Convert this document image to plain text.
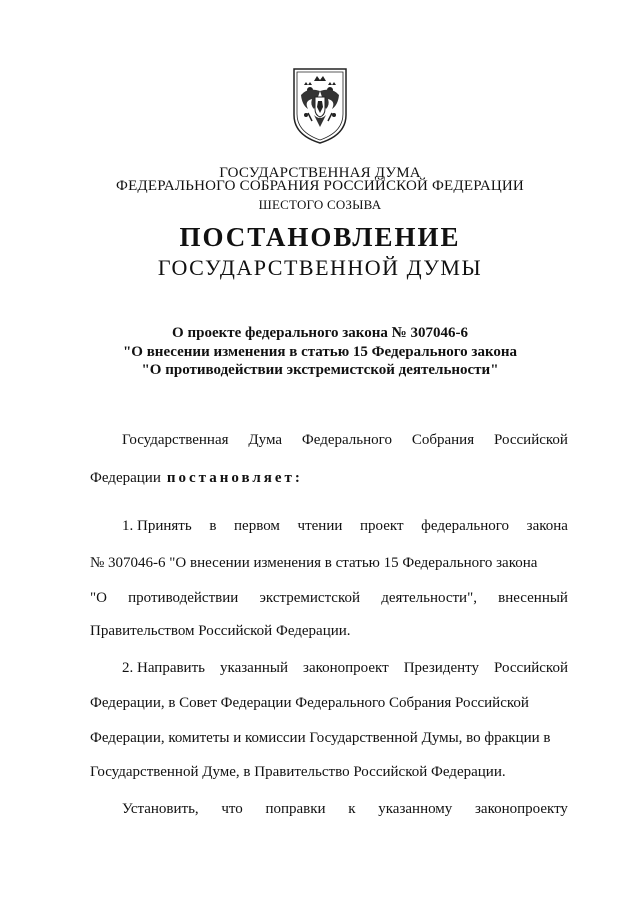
ГОСУДАРСТВЕННАЯ ДУМА
ФЕДЕРАЛЬНОГО СОБРАНИЯ РОССИЙСКОЙ ФЕДЕРАЦИИ
ШЕСТОГО СОЗЫВА
ПОСТАНОВЛЕНИЕ
ГОСУДАРСТВЕННОЙ ДУМЫ
О проекте федерального закона № 307046-6
"О внесении изменения в статью 15 Федерального закона
"О противодействии экстремистской деятельности"
Государственная Дума Федерального Собрания Российской
Федерации постановляет:
1. Принять в первом чтении проект федерального закона
№ 307046-6 "О внесении изменения в статью 15 Федерального закона
"О противодействии экстремистской деятельности", внесенный
Правительством Российской Федерации.
2. Направить указанный законопроект Президенту Российской
Федерации, в Совет Федерации Федерального Собрания Российской
Федерации, комитеты и комиссии Государственной Думы, во фракции в
Государственной Думе, в Правительство Российской Федерации.
Установить, что поправки к указанному законопроекту
